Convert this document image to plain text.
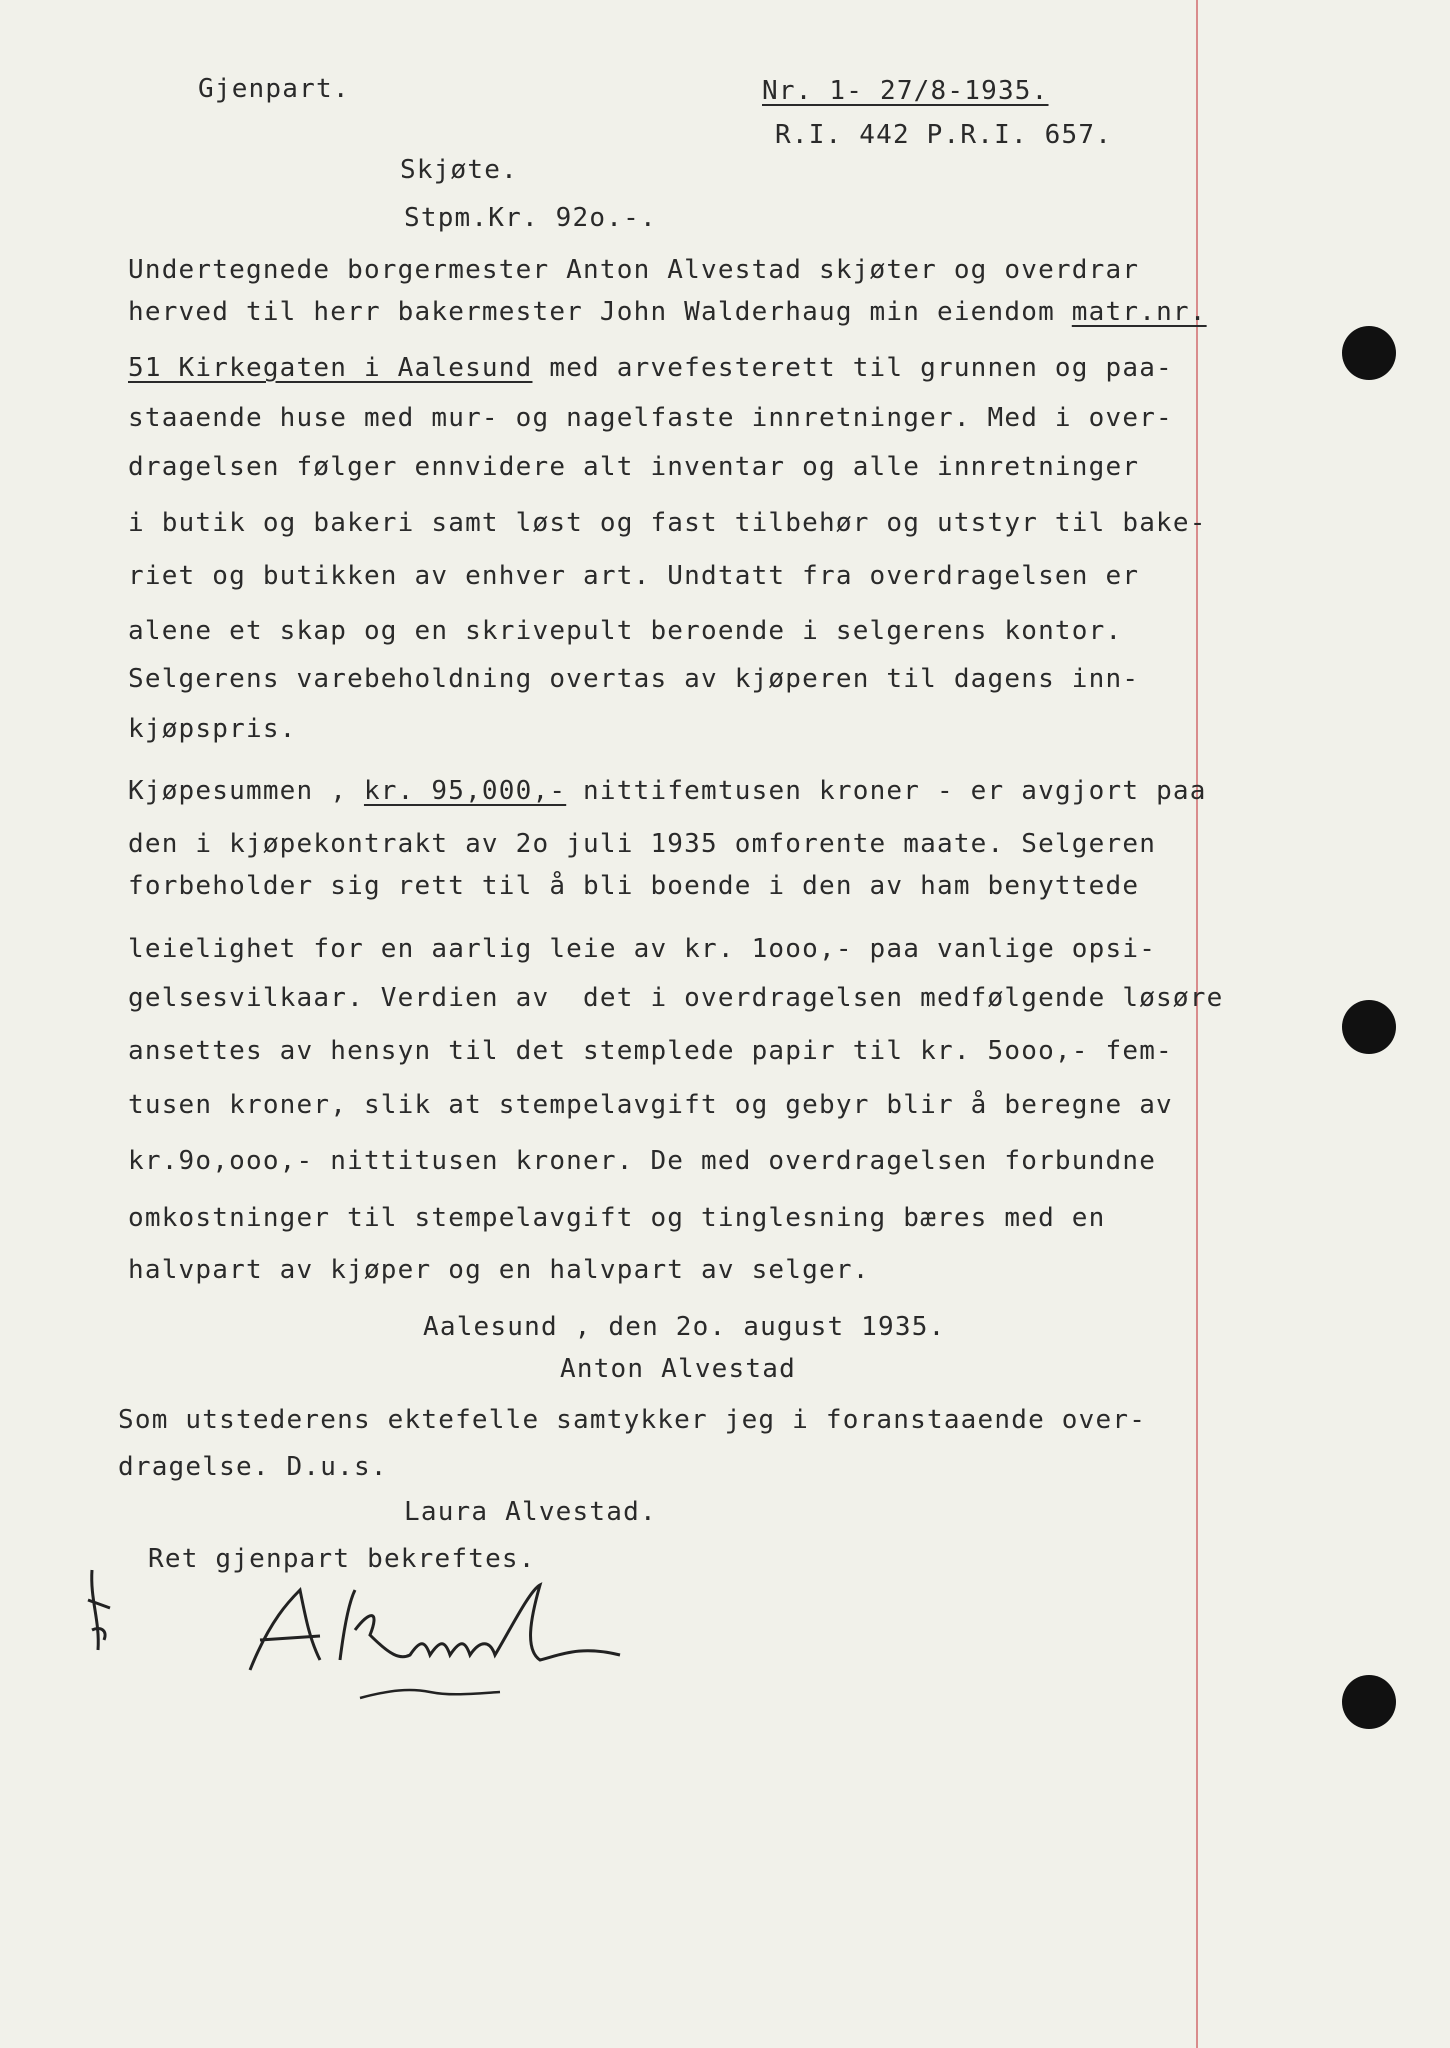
Gjenpart.	Nr. 1- 27/8-1935.
R.I. 442 P.R.I. 657.
Skjøte.
Stpm.Kr. 92o.-.
Undertegnede borgermester Anton Alvestad skjøter og overdrar
herved til herr bakermester John Walderhaug min eiendom matr.nr.
51 Kirkegaten i Aalesund med arvefesterett til grunnen og paa-
staaende huse med mur- og nagelfaste innretninger. Med i over-
dragelsen følger ennvidere alt inventar og alle innretninger
i butik og bakeri samt løst og fast tilbehør og utstyr til bake-
riet og butikken av enhver art. Undtatt fra overdragelsen er
alene et skap og en skrivepult beroende i selgerens kontor.
Selgerens varebeholdning overtas av kjøperen til dagens inn-
kjøpspris.
Kjøpesummen , kr. 95,000,- nittifemtusen kroner - er avgjort paa
den i kjøpekontrakt av 2o juli 1935 omforente maate. Selgeren
forbeholder sig rett til å bli boende i den av ham benyttede
leielighet for en aarlig leie av kr. 1ooo,- paa vanlige opsi-
gelsesvilkaar. Verdien av  det i overdragelsen medfølgende løsøre
ansettes av hensyn til det stemplede papir til kr. 5ooo,- fem-
tusen kroner, slik at stempelavgift og gebyr blir å beregne av
kr.9o,ooo,- nittitusen kroner. De med overdragelsen forbundne
omkostninger til stempelavgift og tinglesning bæres med en
halvpart av kjøper og en halvpart av selger.
Aalesund , den 2o. august 1935.
Anton Alvestad
Som utstederens ektefelle samtykker jeg i foranstaaende over-
dragelse. D.u.s.
Laura Alvestad.
Ret gjenpart bekreftes.
